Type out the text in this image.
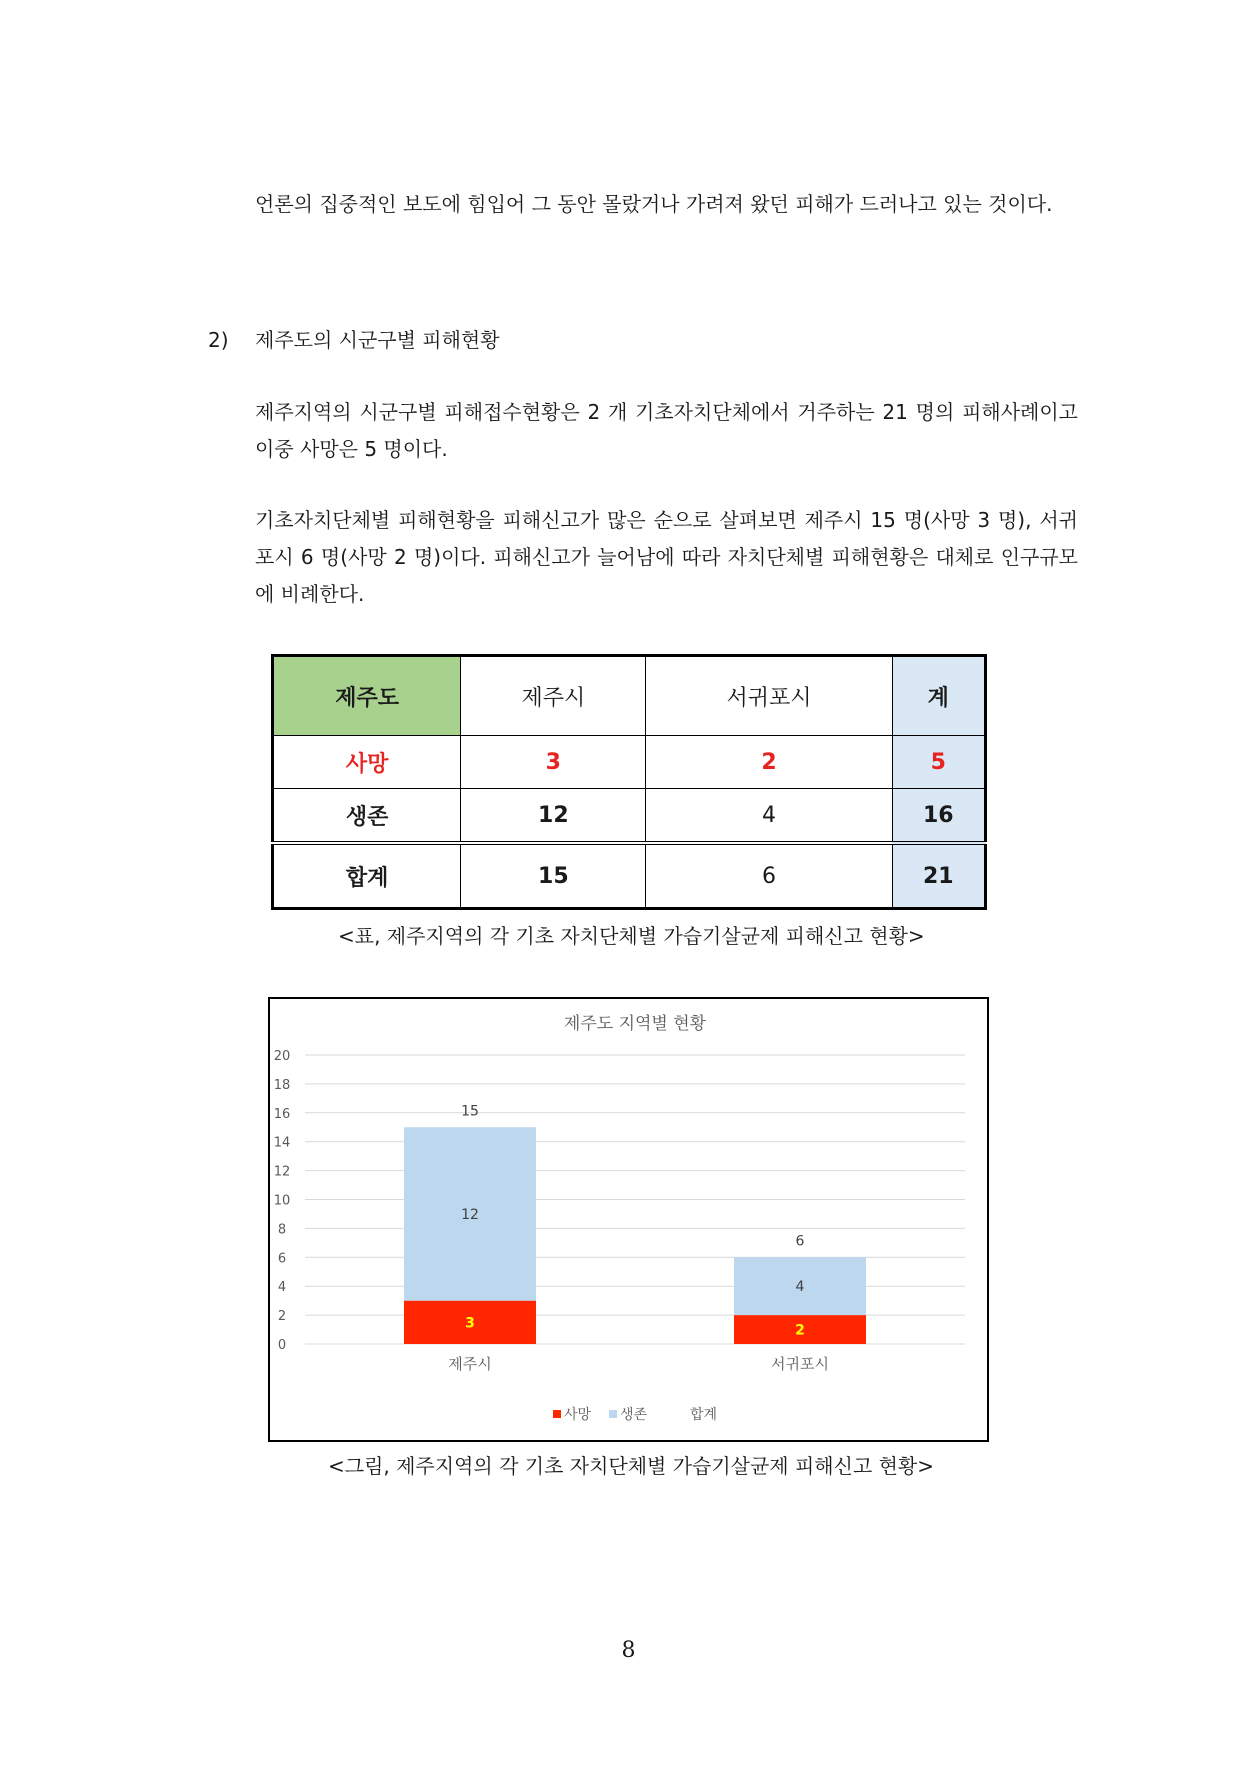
언론의 집중적인 보도에 힘입어 그 동안 몰랐거나 가려져 왔던 피해가 드러나고 있는 것이다.

2) 제주도의 시군구별 피해현황

제주지역의 시군구별 피해접수현황은 2 개 기초자치단체에서 거주하는 21 명의 피해사례이고 이중 사망은 5 명이다.

기초자치단체별 피해현황을 피해신고가 많은 순으로 살펴보면 제주시 15 명(사망 3 명), 서귀포시 6 명(사망 2 명)이다. 피해신고가 늘어남에 따라 자치단체별 피해현황은 대체로 인구규모에 비례한다.

제주도	제주시	서귀포시	계
사망	3	2	5
생존	12	4	16
합계	15	6	21

<표, 제주지역의 각 기초 자치단체별 가습기살균제 피해신고 현황>

제주도 지역별 현황
0
2
4
6
8
10
12
14
16
18
20
3
12
15
제주시
2
4
6
서귀포시
사망 생존	합계

<그림, 제주지역의 각 기초 자치단체별 가습기살균제 피해신고 현황>

8
